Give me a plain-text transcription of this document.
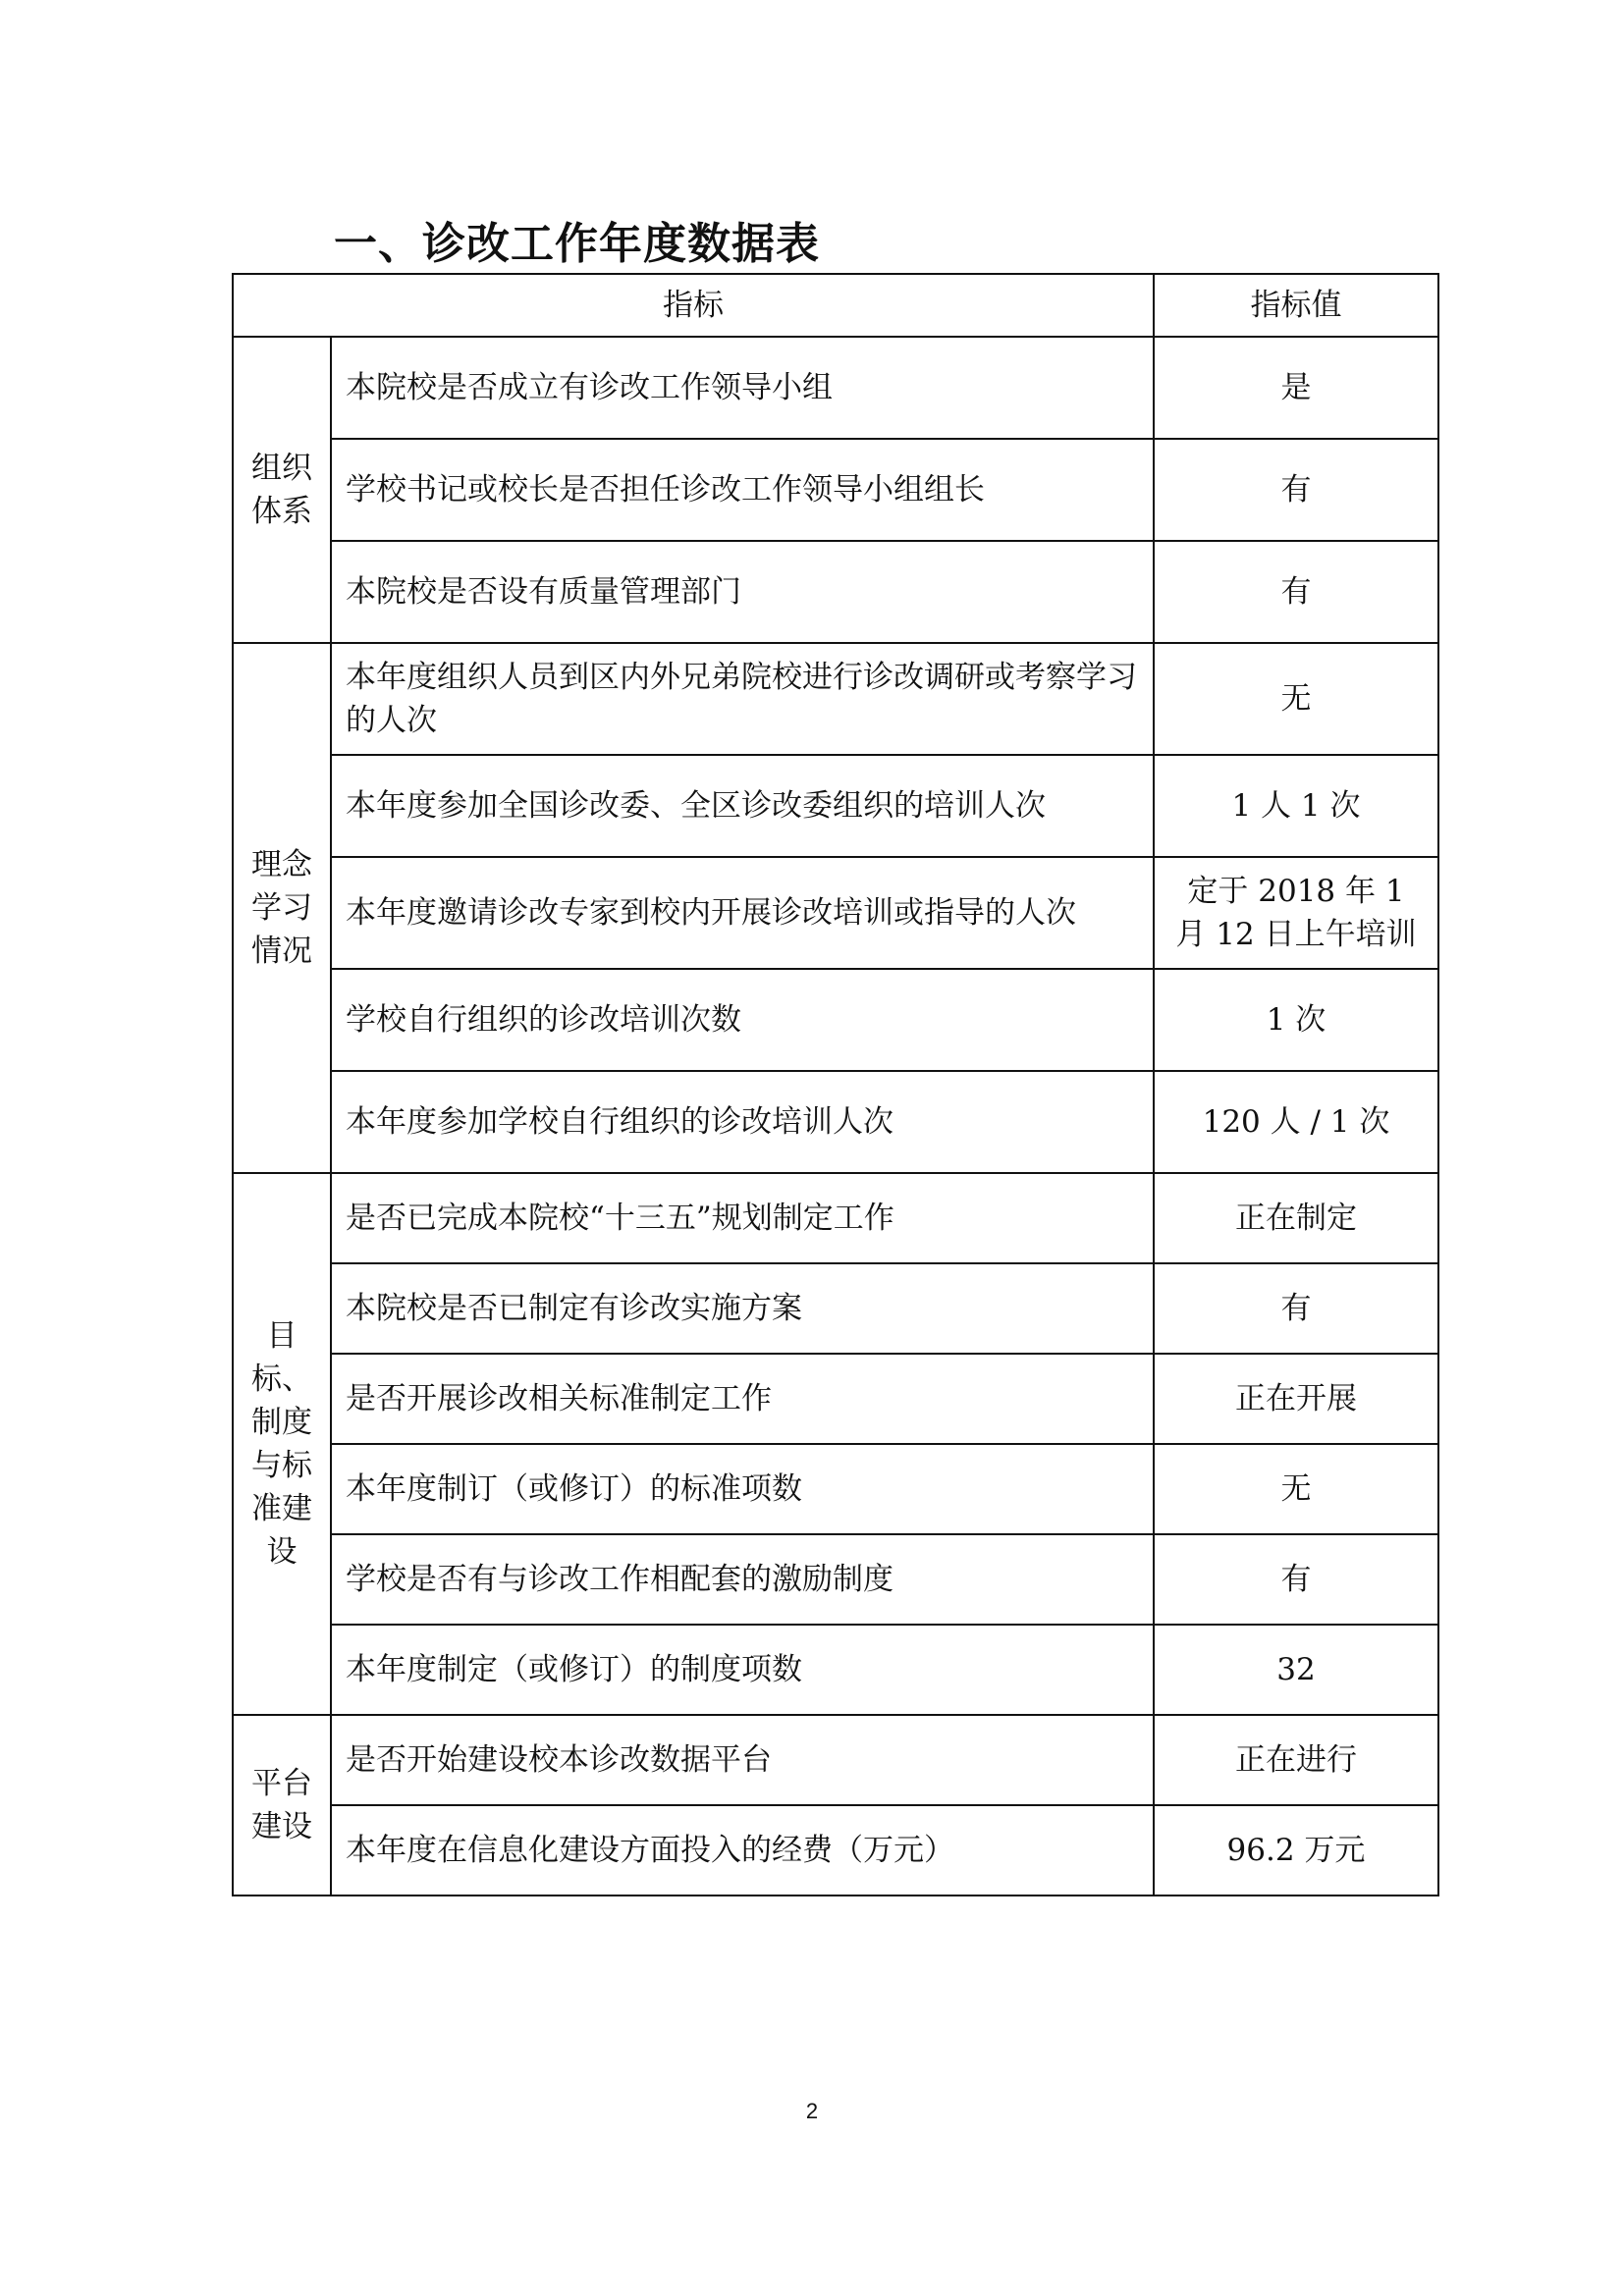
一、诊改工作年度数据表
指标		指标值
组织体系	本院校是否成立有诊改工作领导小组	是
	学校书记或校长是否担任诊改工作领导小组组长	有
	本院校是否设有质量管理部门	有
理念学习情况	本年度组织人员到区内外兄弟院校进行诊改调研或考察学习的人次	无
	本年度参加全国诊改委、全区诊改委组织的培训人次	1 人 1 次
	本年度邀请诊改专家到校内开展诊改培训或指导的人次	定于 2018 年 1 月 12 日上午培训
	学校自行组织的诊改培训次数	1 次
	本年度参加学校自行组织的诊改培训人次	120 人 / 1 次
目标、制度与标准建设	是否已完成本院校“十三五”规划制定工作	正在制定
	本院校是否已制定有诊改实施方案	有
	是否开展诊改相关标准制定工作	正在开展
	本年度制订（或修订）的标准项数	无
	学校是否有与诊改工作相配套的激励制度	有
	本年度制定（或修订）的制度项数	32
平台建设	是否开始建设校本诊改数据平台	正在进行
	本年度在信息化建设方面投入的经费（万元）	96.2 万元
2
